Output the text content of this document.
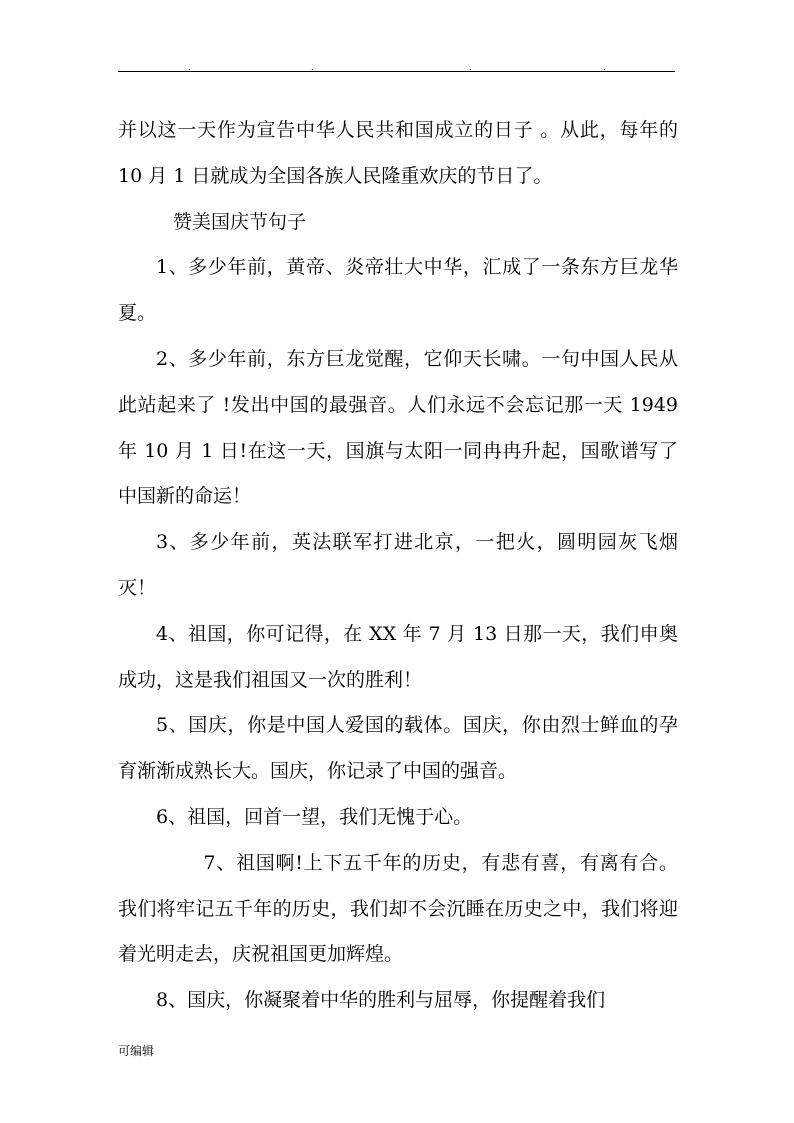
.	.	.	.

并以这一天作为宣告中华人民共和国成立的日子 。从此，每年的 10 月 1 日就成为全国各族人民隆重欢庆的节日了。

赞美国庆节句子

1、多少年前，黄帝、炎帝壮大中华，汇成了一条东方巨龙华夏。

2、多少年前，东方巨龙觉醒，它仰天长啸。一句中国人民从此站起来了 !发出中国的最强音。人们永远不会忘记那一天 1949 年 10 月 1 日!在这一天，国旗与太阳一同冉冉升起，国歌谱写了中国新的命运！

3、多少年前，英法联军打进北京，一把火，圆明园灰飞烟灭！

4、祖国，你可记得，在 XX 年 7 月 13 日那一天，我们申奥成功，这是我们祖国又一次的胜利！

5、国庆，你是中国人爱国的载体。国庆，你由烈士鲜血的孕育渐渐成熟长大。国庆，你记录了中国的强音。

6、祖国，回首一望，我们无愧于心。

7、祖国啊!上下五千年的历史，有悲有喜，有离有合。我们将牢记五千年的历史，我们却不会沉睡在历史之中，我们将迎着光明走去，庆祝祖国更加辉煌。

8、国庆，你凝聚着中华的胜利与屈辱，你提醒着我们

可编辑
